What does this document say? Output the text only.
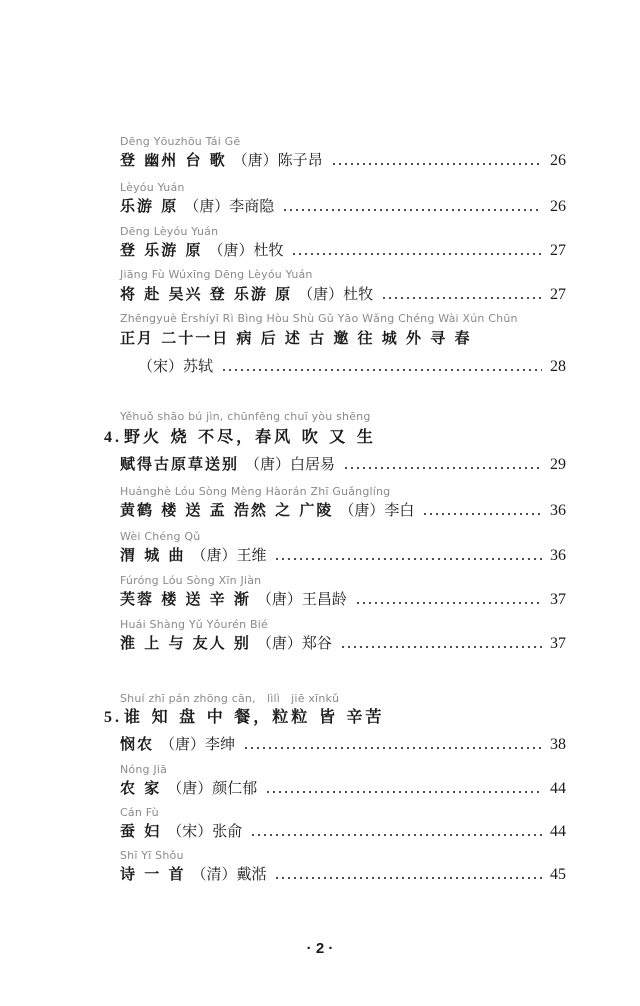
Dēng Yōuzhōu Tái Gē
登 幽州 台 歌 （唐）陈子昂	26
Lèyóu Yuán
乐游 原 （唐）李商隐	26
Dēng Lèyóu Yuán
登 乐游 原 （唐）杜牧	27
Jiāng Fù Wúxīng Dēng Lèyóu Yuán
将 赴 吴兴 登 乐游 原 （唐）杜牧	27
Zhēngyuè Èrshíyī Rì Bìng Hòu Shù Gǔ Yāo Wǎng Chéng Wài Xún Chūn
正月 二十一日 病 后 述 古 邀 往 城 外 寻 春
（宋）苏轼	28
Yěhuǒ shāo bú jìn, chūnfēng chuī yòu shēng
4. 野火 烧 不尽，春风 吹 又 生
赋得古原草送别 （唐）白居易	29
Huánghè Lóu Sòng Mèng Hàorán Zhī Guǎnglíng
黄鹤 楼 送 孟 浩然 之 广陵 （唐）李白	36
Wèi Chéng Qǔ
渭 城 曲 （唐）王维	36
Fúróng Lóu Sòng Xīn Jiàn
芙蓉 楼 送 辛 渐 （唐）王昌龄	37
Huái Shàng Yǔ Yǒurén Bié
淮 上 与 友人 别 （唐）郑谷	37
Shuí zhī pán zhōng cān,　lìlì　jiē xīnkǔ
5. 谁 知 盘 中 餐，粒粒 皆 辛苦
悯农 （唐）李绅	38
Nóng Jiā
农 家 （唐）颜仁郁	44
Cán Fù
蚕 妇 （宋）张俞	44
Shī Yī Shǒu
诗 一 首 （清）戴湉	45
· 2 ·
